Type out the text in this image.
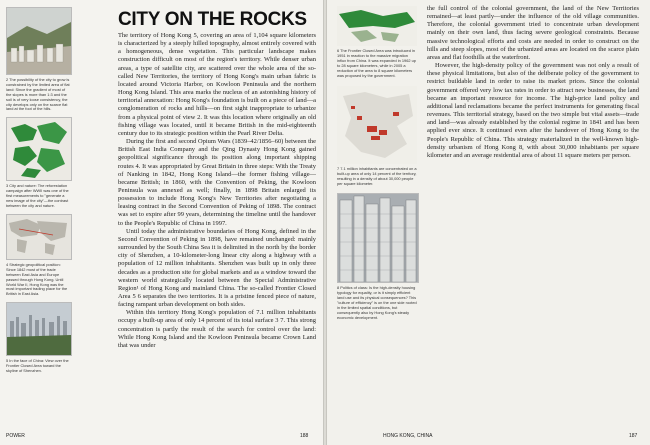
2 The possibility of the city to grow is constrained by the limited area of flat land: Since the gradient of most of the slopes is more than 1:3 and the soil is of very loose consistency, the city develops only on the scarce flat land at the foot of the hills.

3 City and nature: The reforestation campaign after WWII was one of the first measurements to "generate a new image of the city"—the contrast between the city and nature.

4 Strategic geopolitical position: Since 1842 most of the trade between East Asia and Europe passed through Hong Kong. Until World War II, Hong Kong was the most important trading place for the British in East Asia.

5 In the face of China: View over the Frontier Closed Area toward the skyline of Shenzhen.

CITY ON THE ROCKS

The territory of Hong Kong 5, covering an area of 1,104 square kilometers is characterized by a steeply hilled topography, almost entirely covered with a homogeneous, dense vegetation. This particular landscape makes construction difficult on most of the region's territory. While denser urban areas, a type of satellite city, are scattered over the whole area of the so-called New Territories, the territory of Hong Kong's main urban fabric is located around Victoria Harbor, on Kowloon Peninsula and the northern Hong Kong Island. This area marks the nucleus of an astonishing history of territorial annexation: Hong Kong's foundation is built on a piece of land—a conglomeration of rocks and hills—on first sight inappropriate to urbanize from a physical point of view 2. It was this location where originally an old fishing village was located, until it became British in the mid-eighteenth century due to its strategic position within the Pearl River Delta.

During the first and second Opium Wars (1839–42/1856–60) between the British East India Company and the Qing Dynasty Hong Kong gained geopolitical significance through its position along important shipping routes 4. It was appropriated by Great Britain in three steps: With the Treaty of Nanking in 1842, Hong Kong Island—the former fishing village—became British; in 1860, with the Convention of Peking, the Kowloon Peninsula was annexed as well; finally, in 1898 Britain enlarged its possession to include Hong Kong's New Territories after negotiating a leasing contract in the Second Convention of Peking of 1898. The contract was set to expire after 99 years, determining the timeline until the handover to the People's Republic of China in 1997.

Until today the administrative boundaries of Hong Kong, defined in the Second Convention of Peking in 1898, have remained unchanged: mainly surrounded by the South China Sea it is delimited in the north by the border city of Shenzhen, a 10-kilometer-long linear city along a highway with a population of 12 million inhabitants. Shenzhen was built up in only three decades as a production site for global markets and as a window toward the western world strategically located between the Special Administrative Region¹ of Hong Kong and mainland China. The so-called Frontier Closed Area 5 6 separates the two territories. It is a pristine fenced piece of nature, facing rampant urban development on both sides.

Within this territory Hong Kong's population of 7.1 million inhabitants occupy a built-up area of only 14 percent of its total surface 3 7. This strong concentration is partly the result of the search for control over the land: While Hong Kong Island and the Kowloon Peninsula became Crown Land that was under

POWER	188

6 The Frontier Closed Area was introduced in 1951 in reaction to the massive migration influx from China. It was expanded in 1962 up to 28 square kilometers, while in 2005 a reduction of the area to 8 square kilometers was proposed by the government.

7 7.1 million inhabitants are concentrated on a built-up area of only 14 percent of the territory, resulting in a density of about 30,000 people per square kilometer.

8 Politics of class: Is the high-density housing typology for equality, or is it simply efficient land use and its physical consequences? This "culture of efficiency" is on the one side rooted in the limited spatial conditions, but consequently also by Hong Kong's steady economic development.

the full control of the colonial government, the land of the New Territories remained—at least partly—under the influence of the old village communities. Therefore, the colonial government tried to concentrate urban development mainly on their own land, thus facing severe geological constraints. Because massive technological efforts and costs are needed in order to construct on the hills and steep slopes, most of the urbanized areas are located on the scarce plain areas and flat foothills at the waterfront.

However, the high-density policy of the government was not only a result of these physical limitations, but also of the deliberate policy of the government to restrict buildable land in order to raise its market prices. Since the colonial government offered very low tax rates in order to attract new businesses, the land became an important resource for income. The high-price land policy and additional land reclamations became the perfect instruments for generating fiscal revenues. This territorial strategy, based on the two simple but vital assets—trade and land—was already established by the colonial regime in 1841 and has been applied ever since. It continued even after the handover of Hong Kong to the People's Republic of China. This strategy materialized in the well-known high-density urbanism of Hong Kong 8, with about 30,000 inhabitants per square kilometer and an average residential area of about 11 square meters per person.

HONG KONG, CHINA	187
